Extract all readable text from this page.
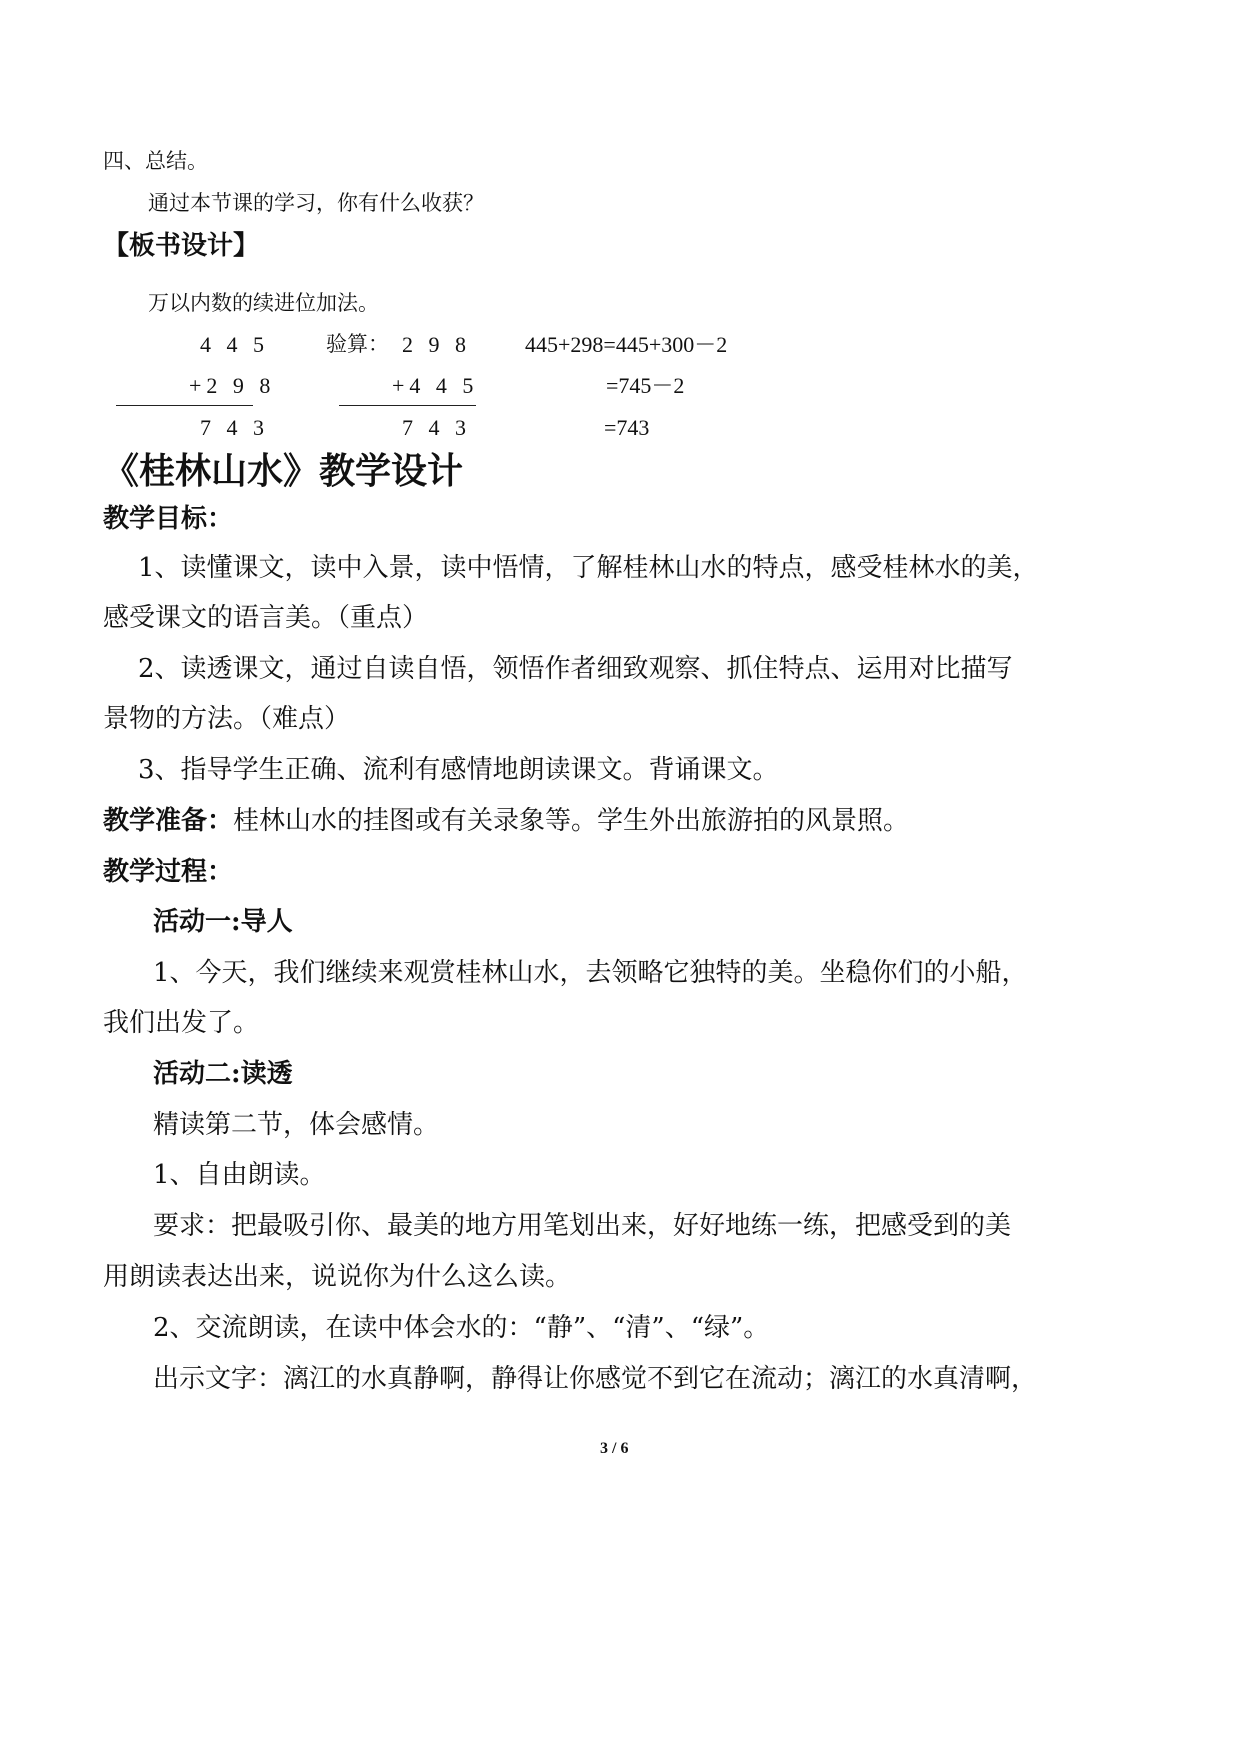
四、总结。
通过本节课的学习，你有什么收获？
【板书设计】
万以内数的续进位加法。
4 4 5
+2 9 8
7 4 3
验算： 2 9 8
+4 4 5
7 4 3
445+298=445+300－2
=745－2
=743
《桂林山水》教学设计
教学目标：
1、读懂课文，读中入景，读中悟情，了解桂林山水的特点，感受桂林水的美，
感受课文的语言美。（重点）
2、读透课文，通过自读自悟，领悟作者细致观察、抓住特点、运用对比描写
景物的方法。（难点）
3、指导学生正确、流利有感情地朗读课文。背诵课文。
教学准备： 桂林山水的挂图或有关录象等。学生外出旅游拍的风景照。
教学过程：
活动一:导人
1、今天，我们继续来观赏桂林山水，去领略它独特的美。坐稳你们的小船，
我们出发了。
活动二:读透
精读第二节，体会感情。
1、自由朗读。
要求：把最吸引你、最美的地方用笔划出来，好好地练一练，把感受到的美
用朗读表达出来，说说你为什么这么读。
2、交流朗读，在读中体会水的：“静”、“清”、“绿”。
出示文字：漓江的水真静啊，静得让你感觉不到它在流动；漓江的水真清啊，
3 / 6
